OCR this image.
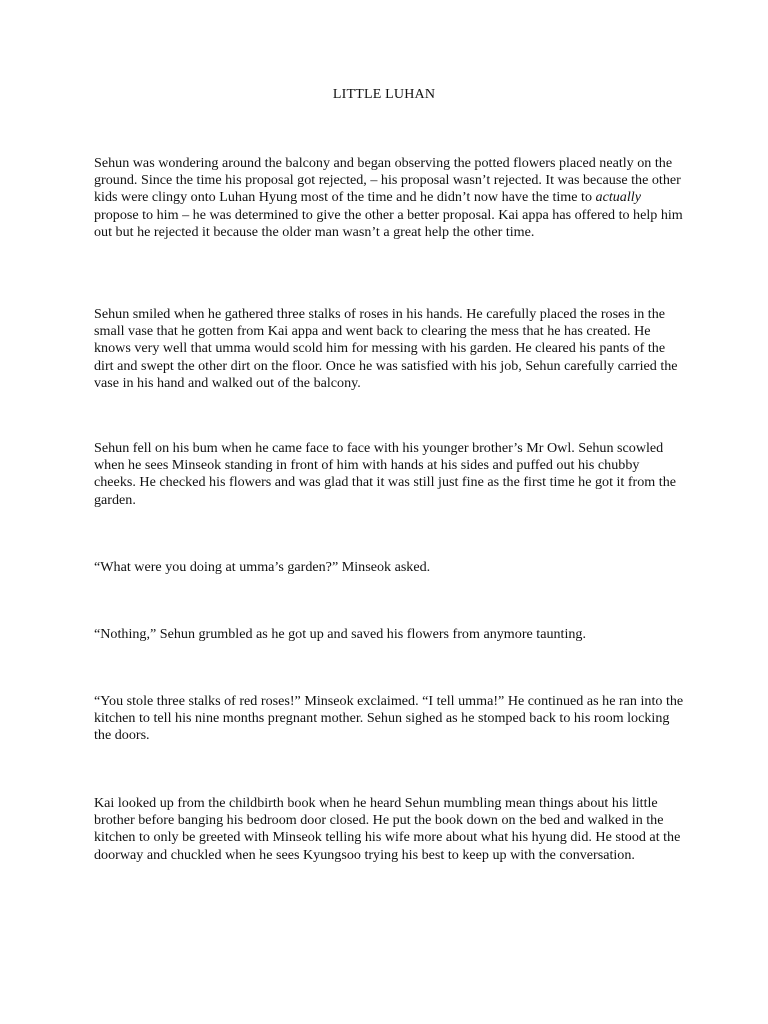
LITTLE LUHAN

Sehun was wondering around the balcony and began observing the potted flowers placed neatly on the ground. Since the time his proposal got rejected, – his proposal wasn’t rejected. It was because the other kids were clingy onto Luhan Hyung most of the time and he didn’t now have the time to actually propose to him – he was determined to give the other a better proposal. Kai appa has offered to help him out but he rejected it because the older man wasn’t a great help the other time.

Sehun smiled when he gathered three stalks of roses in his hands. He carefully placed the roses in the small vase that he gotten from Kai appa and went back to clearing the mess that he has created. He knows very well that umma would scold him for messing with his garden. He cleared his pants of the dirt and swept the other dirt on the floor. Once he was satisfied with his job, Sehun carefully carried the vase in his hand and walked out of the balcony.

Sehun fell on his bum when he came face to face with his younger brother’s Mr Owl. Sehun scowled when he sees Minseok standing in front of him with hands at his sides and puffed out his chubby cheeks. He checked his flowers and was glad that it was still just fine as the first time he got it from the garden.

“What were you doing at umma’s garden?” Minseok asked.

“Nothing,” Sehun grumbled as he got up and saved his flowers from anymore taunting.

“You stole three stalks of red roses!” Minseok exclaimed. “I tell umma!” He continued as he ran into the kitchen to tell his nine months pregnant mother. Sehun sighed as he stomped back to his room locking the doors.

Kai looked up from the childbirth book when he heard Sehun mumbling mean things about his little brother before banging his bedroom door closed. He put the book down on the bed and walked in the kitchen to only be greeted with Minseok telling his wife more about what his hyung did. He stood at the doorway and chuckled when he sees Kyungsoo trying his best to keep up with the conversation.
